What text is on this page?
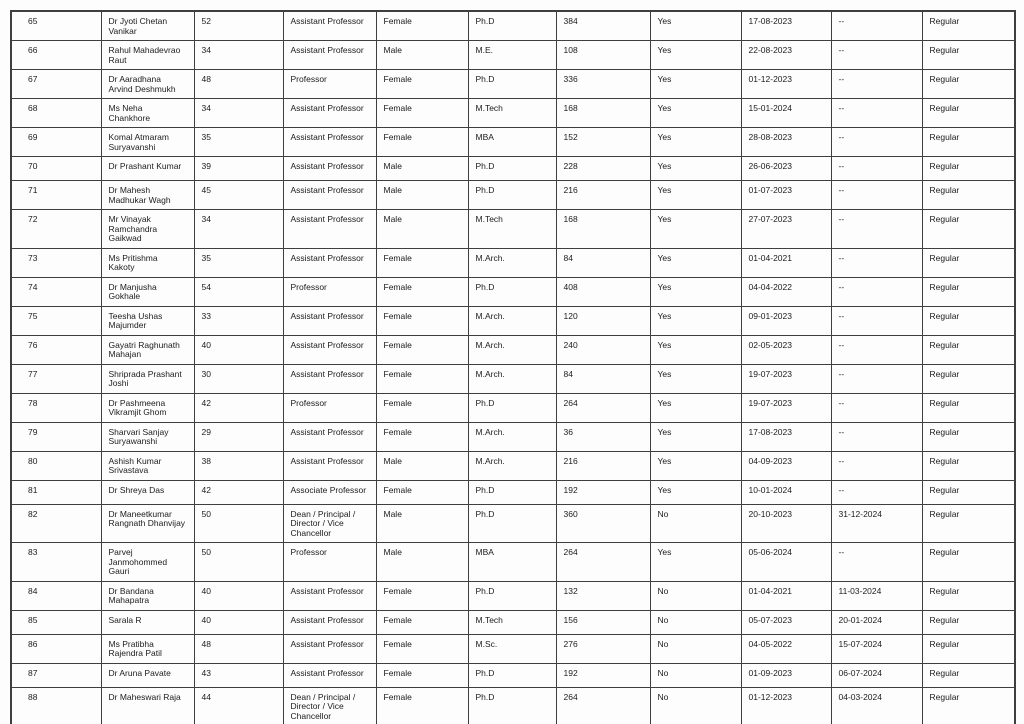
65	Dr Jyoti Chetan Vanikar	52	Assistant Professor	Female	Ph.D	384	Yes	17-08-2023	--	Regular
66	Rahul Mahadevrao Raut	34	Assistant Professor	Male	M.E.	108	Yes	22-08-2023	--	Regular
67	Dr Aaradhana Arvind Deshmukh	48	Professor	Female	Ph.D	336	Yes	01-12-2023	--	Regular
68	Ms Neha Chankhore	34	Assistant Professor	Female	M.Tech	168	Yes	15-01-2024	--	Regular
69	Komal Atmaram Suryavanshi	35	Assistant Professor	Female	MBA	152	Yes	28-08-2023	--	Regular
70	Dr Prashant Kumar	39	Assistant Professor	Male	Ph.D	228	Yes	26-06-2023	--	Regular
71	Dr Mahesh Madhukar Wagh	45	Assistant Professor	Male	Ph.D	216	Yes	01-07-2023	--	Regular
72	Mr Vinayak Ramchandra Gaikwad	34	Assistant Professor	Male	M.Tech	168	Yes	27-07-2023	--	Regular
73	Ms Pritishma Kakoty	35	Assistant Professor	Female	M.Arch.	84	Yes	01-04-2021	--	Regular
74	Dr Manjusha Gokhale	54	Professor	Female	Ph.D	408	Yes	04-04-2022	--	Regular
75	Teesha Ushas Majumder	33	Assistant Professor	Female	M.Arch.	120	Yes	09-01-2023	--	Regular
76	Gayatri Raghunath Mahajan	40	Assistant Professor	Female	M.Arch.	240	Yes	02-05-2023	--	Regular
77	Shriprada Prashant Joshi	30	Assistant Professor	Female	M.Arch.	84	Yes	19-07-2023	--	Regular
78	Dr Pashmeena Vikramjit Ghom	42	Professor	Female	Ph.D	264	Yes	19-07-2023	--	Regular
79	Sharvari Sanjay Suryawanshi	29	Assistant Professor	Female	M.Arch.	36	Yes	17-08-2023	--	Regular
80	Ashish Kumar Srivastava	38	Assistant Professor	Male	M.Arch.	216	Yes	04-09-2023	--	Regular
81	Dr Shreya Das	42	Associate Professor	Female	Ph.D	192	Yes	10-01-2024	--	Regular
82	Dr Maneetkumar Rangnath Dhanvijay	50	Dean / Principal / Director / Vice Chancellor	Male	Ph.D	360	No	20-10-2023	31-12-2024	Regular
83	Parvej Janmohommed Gauri	50	Professor	Male	MBA	264	Yes	05-06-2024	--	Regular
84	Dr Bandana Mahapatra	40	Assistant Professor	Female	Ph.D	132	No	01-04-2021	11-03-2024	Regular
85	Sarala R	40	Assistant Professor	Female	M.Tech	156	No	05-07-2023	20-01-2024	Regular
86	Ms Pratibha Rajendra Patil	48	Assistant Professor	Female	M.Sc.	276	No	04-05-2022	15-07-2024	Regular
87	Dr Aruna Pavate	43	Assistant Professor	Female	Ph.D	192	No	01-09-2023	06-07-2024	Regular
88	Dr Maheswari Raja	44	Dean / Principal / Director / Vice Chancellor	Female	Ph.D	264	No	01-12-2023	04-03-2024	Regular
